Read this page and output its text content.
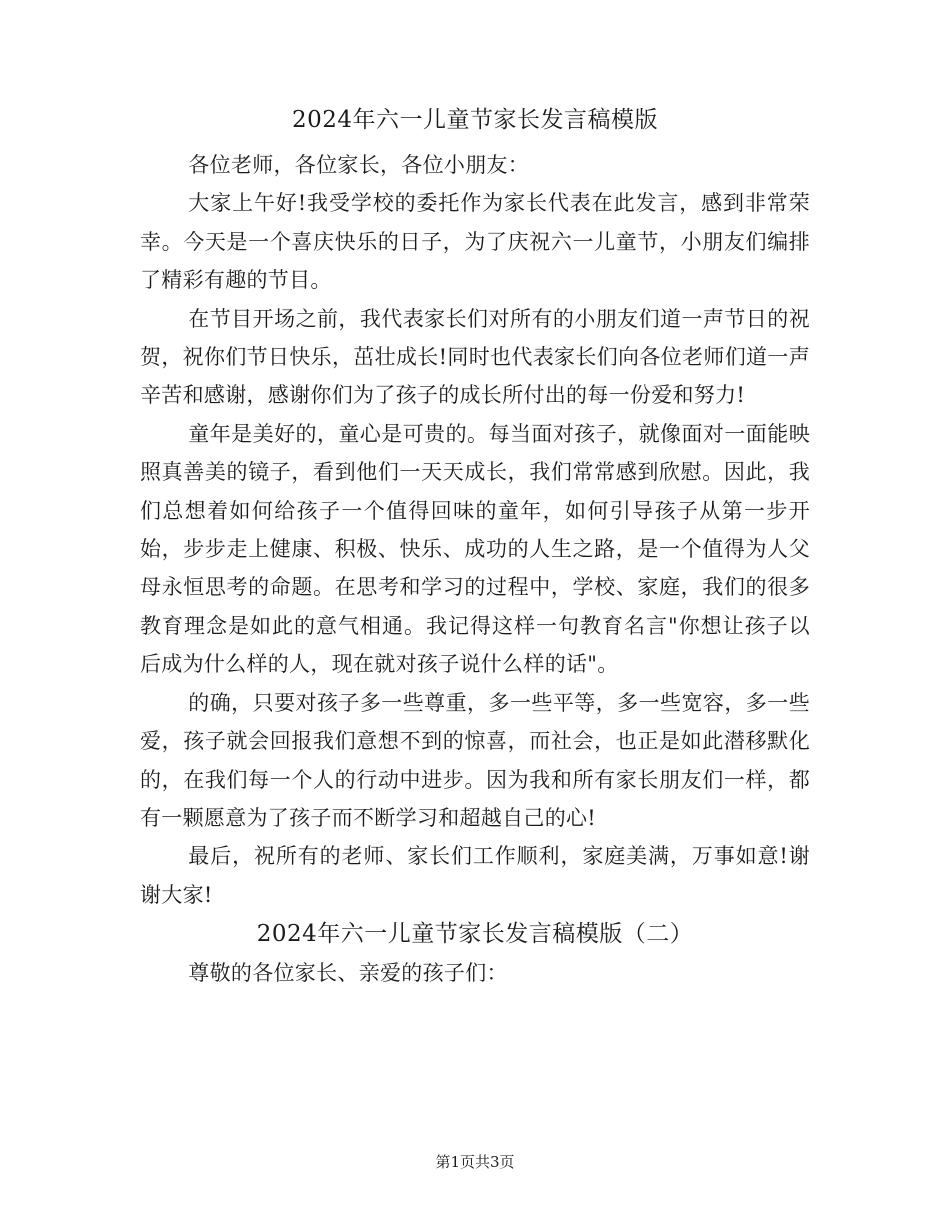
2024年六一儿童节家长发言稿模版

各位老师，各位家长，各位小朋友：

大家上午好!我受学校的委托作为家长代表在此发言，感到非常荣幸。今天是一个喜庆快乐的日子，为了庆祝六一儿童节，小朋友们编排了精彩有趣的节目。

在节目开场之前，我代表家长们对所有的小朋友们道一声节日的祝贺，祝你们节日快乐，茁壮成长!同时也代表家长们向各位老师们道一声辛苦和感谢，感谢你们为了孩子的成长所付出的每一份爱和努力!

童年是美好的，童心是可贵的。每当面对孩子，就像面对一面能映照真善美的镜子，看到他们一天天成长，我们常常感到欣慰。因此，我们总想着如何给孩子一个值得回味的童年，如何引导孩子从第一步开始，步步走上健康、积极、快乐、成功的人生之路，是一个值得为人父母永恒思考的命题。在思考和学习的过程中，学校、家庭，我们的很多教育理念是如此的意气相通。我记得这样一句教育名言"你想让孩子以后成为什么样的人，现在就对孩子说什么样的话"。

的确，只要对孩子多一些尊重，多一些平等，多一些宽容，多一些爱，孩子就会回报我们意想不到的惊喜，而社会，也正是如此潜移默化的，在我们每一个人的行动中进步。因为我和所有家长朋友们一样，都有一颗愿意为了孩子而不断学习和超越自己的心!

最后，祝所有的老师、家长们工作顺利，家庭美满，万事如意!谢谢大家!

2024年六一儿童节家长发言稿模版（二）

尊敬的各位家长、亲爱的孩子们：

第1页共3页
